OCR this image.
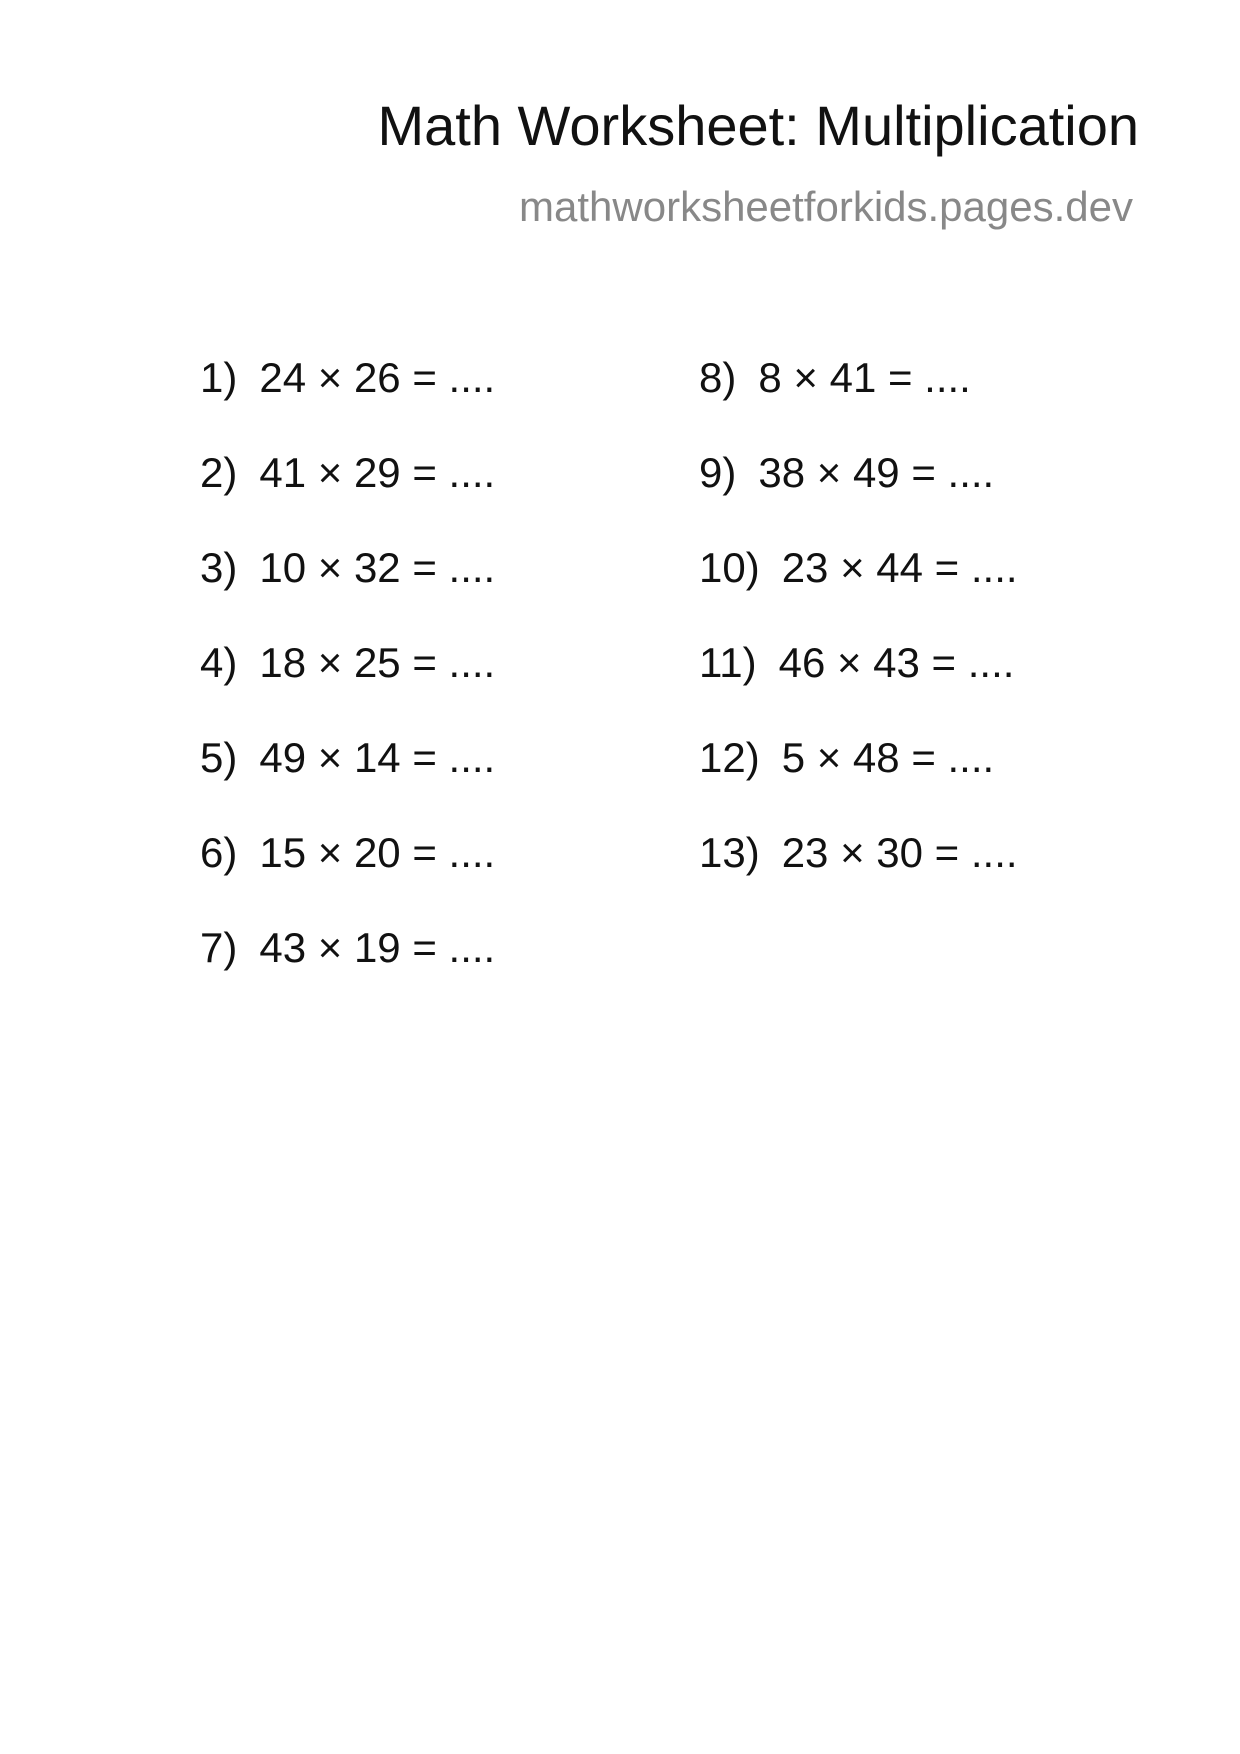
Math Worksheet: Multiplication
mathworksheetforkids.pages.dev
1) 24 × 26 = ....
2) 41 × 29 = ....
3) 10 × 32 = ....
4) 18 × 25 = ....
5) 49 × 14 = ....
6) 15 × 20 = ....
7) 43 × 19 = ....
8) 8 × 41 = ....
9) 38 × 49 = ....
10) 23 × 44 = ....
11) 46 × 43 = ....
12) 5 × 48 = ....
13) 23 × 30 = ....
